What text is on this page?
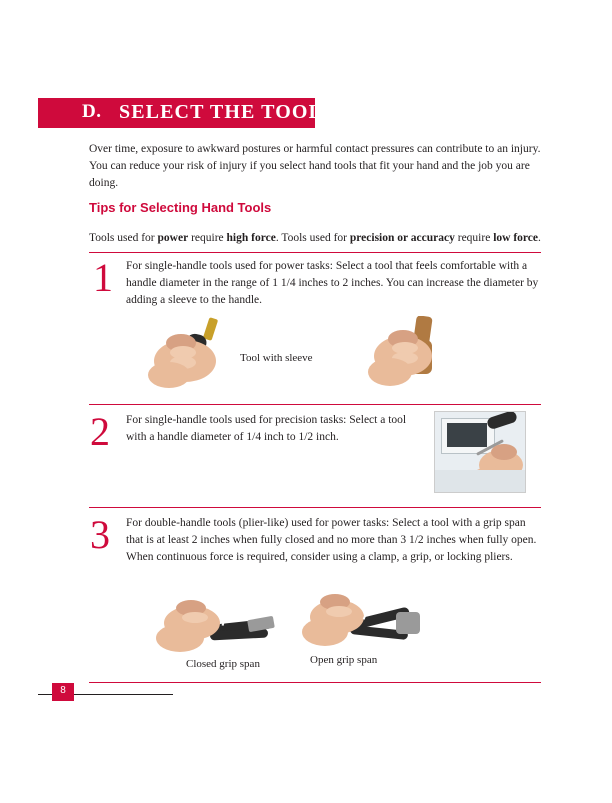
D. SELECT THE TOOL
Over time, exposure to awkward postures or harmful contact pressures can contribute to an injury. You can reduce your risk of injury if you select hand tools that fit your hand and the job you are doing.
Tips for Selecting Hand Tools
Tools used for power require high force. Tools used for precision or accuracy require low force.
1 For single-handle tools used for power tasks: Select a tool that feels comfortable with a handle diameter in the range of 1 1/4 inches to 2 inches. You can increase the diameter by adding a sleeve to the handle.
Tool with sleeve
2 For single-handle tools used for precision tasks: Select a tool with a handle diameter of 1/4 inch to 1/2 inch.
3 For double-handle tools (plier-like) used for power tasks: Select a tool with a grip span that is at least 2 inches when fully closed and no more than 3 1/2 inches when fully open. When continuous force is required, consider using a clamp, a grip, or locking pliers.
Closed grip span	Open grip span
8
